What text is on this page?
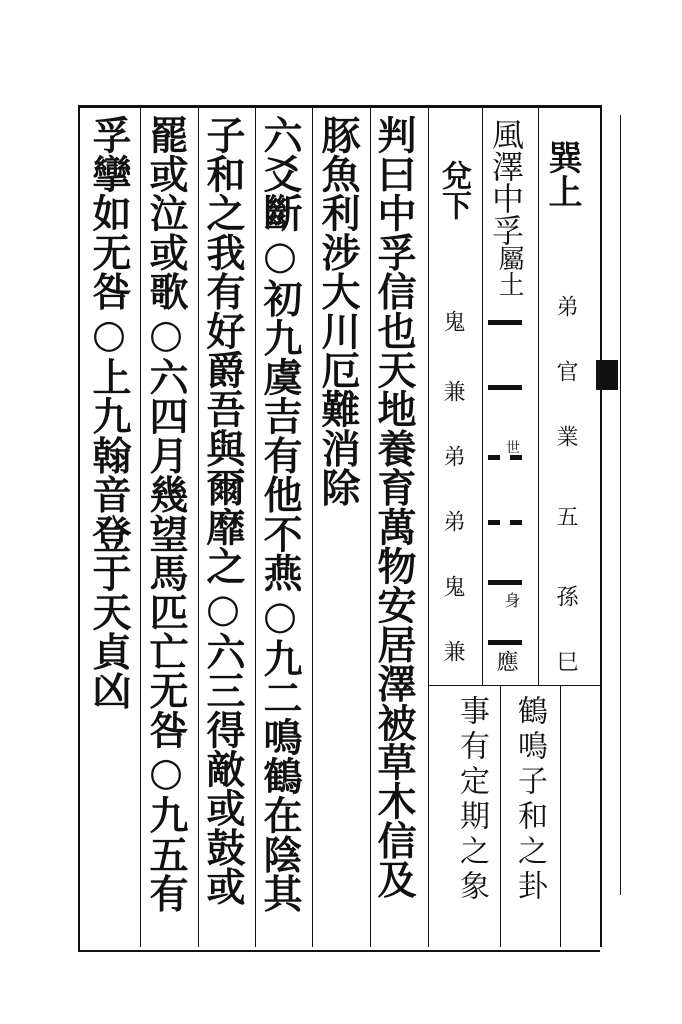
巽上
風澤中孚
屬土
兌下
弟
官
業
五
孫
巳
世
身
應
鬼
兼
弟
弟
鬼
兼
鶴鳴子和之卦
事有定期之象
判曰中孚信也天地養育萬物安居澤被草木信及
豚魚利涉大川厄難消除
六爻斷○初九虞吉有他不燕○九二鳴鶴在陰其
子和之我有好爵吾與爾靡之○六三得敵或鼓或
罷或泣或歌○六四月幾望馬匹亡无咎○九五有
孚攣如无咎○上九翰音登于天貞凶
